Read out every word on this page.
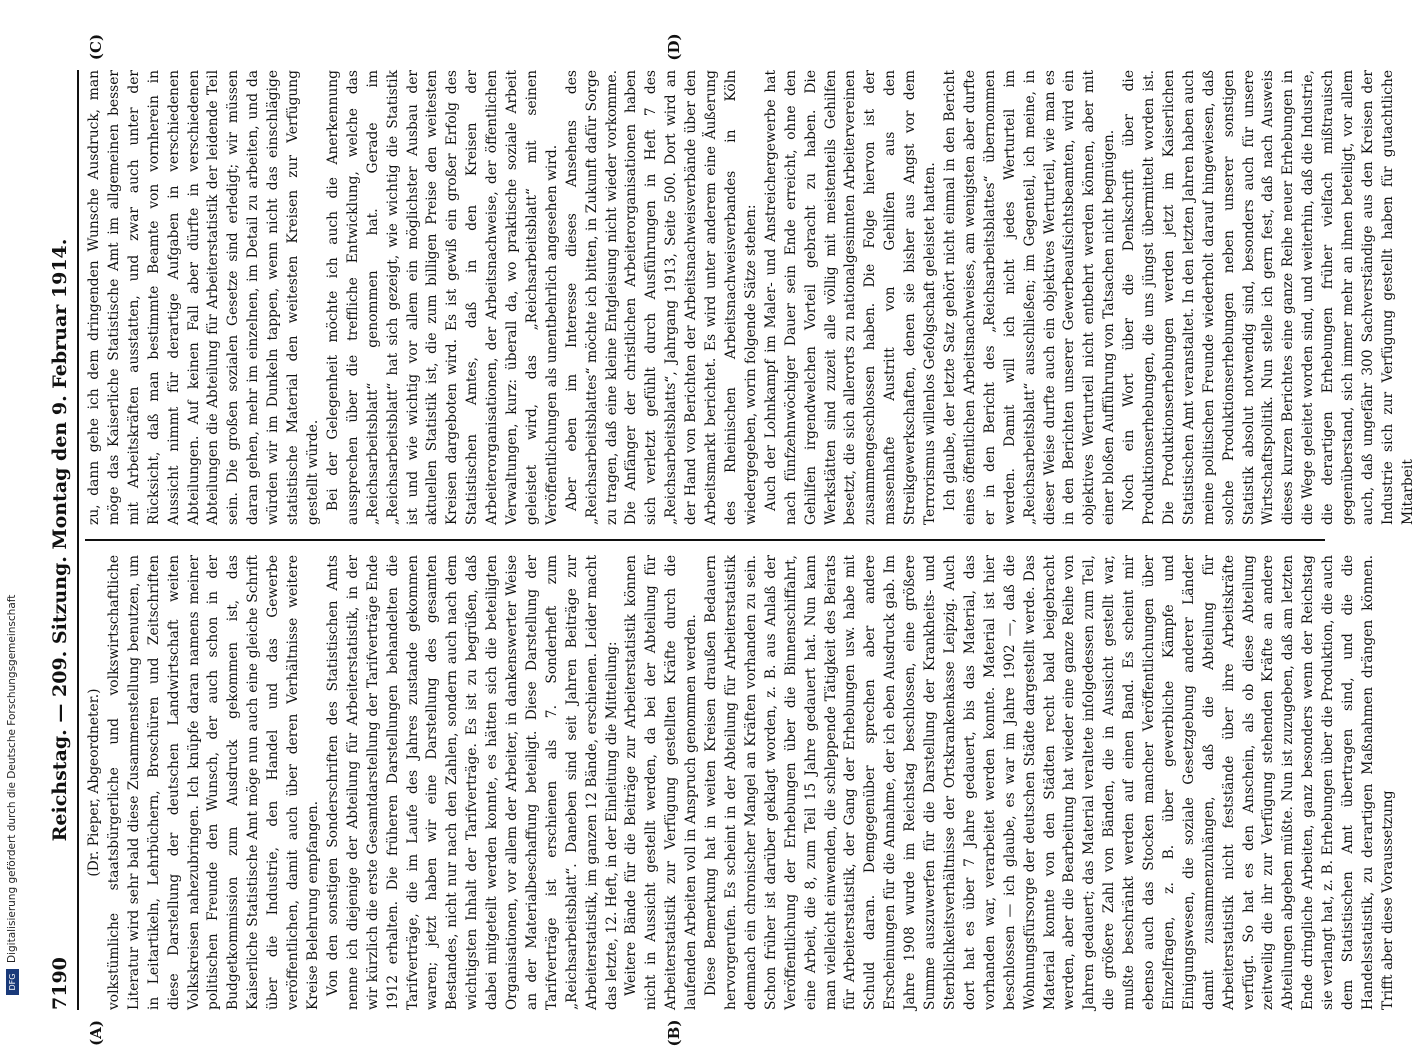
7190
Reichstag. — 209. Sitzung. Montag den 9. Februar 1914.
(A)	(B)
(C)	(D)

(Dr. Pieper, Abgeordneter.) volkstümliche staatsbürgerliche und volkswirtschaftliche Literatur wird sehr bald diese Zusammenstellung benutzen, um in Leitartikeln, Lehrbüchern, Broschüren und Zeitschriften diese Darstellung der deutschen Landwirtschaft weiten Volkskreisen nahezubringen. Ich knüpfe daran namens meiner politischen Freunde den Wunsch, der auch schon in der Budgetkommission zum Ausdruck gekommen ist, das Kaiserliche Statistische Amt möge nun auch eine gleiche Schrift über die Industrie, den Handel und das Gewerbe veröffentlichen, damit auch über deren Verhältnisse weitere Kreise Belehrung empfangen. Von den sonstigen Sonderschriften des Statistischen Amts nenne ich diejenige der Abteilung für Arbeiterstatistik, in der wir kürzlich die erste Gesamtdarstellung der Tarifverträge Ende 1912 erhalten. Die früheren Darstellungen behandelten die Tarifverträge, die im Laufe des Jahres zustande gekommen waren; jetzt haben wir eine Darstellung des gesamten Bestandes, nicht nur nach den Zahlen, sondern auch nach dem wichtigsten Inhalt der Tarifverträge. Es ist zu begrüßen, daß dabei mitgeteilt werden konnte, es hätten sich die beteiligten Organisationen, vor allem der Arbeiter, in dankenswerter Weise an der Materialbeschaffung beteiligt. Diese Darstellung der Tarifverträge ist erschienen als 7. Sonderheft zum „Reichsarbeitsblatt“. Daneben sind seit Jahren Beiträge zur Arbeiterstatistik, im ganzen 12 Bände, erschienen. Leider macht das letzte, 12. Heft, in der Einleitung die Mitteilung: Weitere Bände für die Beiträge zur Arbeiterstatistik können nicht in Aussicht gestellt werden, da bei der Abteilung für Arbeiterstatistik zur Verfügung gestellten Kräfte durch die laufenden Arbeiten voll in Anspruch genommen werden. Diese Bemerkung hat in weiten Kreisen draußen Bedauern hervorgerufen. Es scheint in der Abteilung für Arbeiterstatistik demnach ein chronischer Mangel an Kräften vorhanden zu sein. Schon früher ist darüber geklagt worden, z. B. aus Anlaß der Veröffentlichung der Erhebungen über die Binnenschiffahrt, eine Arbeit, die 8, zum Teil 15 Jahre gedauert hat. Nun kann man vielleicht einwenden, die schleppende Tätigkeit des Beirats für Arbeiterstatistik, der Gang der Erhebungen usw. habe mit Schuld daran. Demgegenüber sprechen aber andere Erscheinungen für die Annahme, der ich eben Ausdruck gab. Im Jahre 1908 wurde im Reichstag beschlossen, eine größere Summe auszuwerfen für die Darstellung der Krankheits- und Sterblichkeitsverhältnisse der Ortskrankenkasse Leipzig. Auch dort hat es über 7 Jahre gedauert, bis das Material, das vorhanden war, verarbeitet werden konnte. Material ist hier beschlossen — ich glaube, es war im Jahre 1902 —, daß die Wohnungsfürsorge der deutschen Städte dargestellt werde. Das Material konnte von den Städten recht bald beigebracht werden, aber die Bearbeitung hat wieder eine ganze Reihe von Jahren gedauert; das Material veraltete infolgedessen zum Teil, die größere Zahl von Bänden, die in Aussicht gestellt war, mußte beschränkt werden auf einen Band. Es scheint mir ebenso auch das Stocken mancher Veröffentlichungen über Einzelfragen, z. B. über gewerbliche Kämpfe und Einigungswesen, die soziale Gesetzgebung anderer Länder damit zusammenzuhängen, daß die Abteilung für Arbeiterstatistik nicht feststände über ihre Arbeitskräfte verfügt. So hat es den Anschein, als ob diese Abteilung zeitweilig die ihr zur Verfügung stehenden Kräfte an andere Abteilungen abgeben müßte. Nun ist zuzugeben, daß am letzten Ende dringliche Arbeiten, ganz besonders wenn der Reichstag sie verlangt hat, z. B. Erhebungen über die Produktion, die auch dem Statistischen Amt übertragen sind, und die die Handelsstatistik, zu derartigen Maßnahmen drängen können. Trifft aber diese Voraussetzung

zu, dann gehe ich dem dringenden Wunsche Ausdruck, man möge das Kaiserliche Statistische Amt im allgemeinen besser mit Arbeitskräften ausstatten, und zwar auch unter der Rücksicht, daß man bestimmte Beamte von vornherein in Aussicht nimmt für derartige Aufgaben in verschiedenen Abteilungen. Auf keinen Fall aber dürfte in verschiedenen Abteilungen die Abteilung für Arbeiterstatistik der leidende Teil sein. Die großen sozialen Gesetze sind erledigt; wir müssen daran gehen, mehr im einzelnen, im Detail zu arbeiten, und da würden wir im Dunkeln tappen, wenn nicht das einschlägige statistische Material den weitesten Kreisen zur Verfügung gestellt würde. Bei der Gelegenheit möchte ich auch die Anerkennung aussprechen über die treffliche Entwicklung, welche das „Reichsarbeitsblatt“ genommen hat. Gerade im „Reichsarbeitsblatt“ hat sich gezeigt, wie wichtig die Statistik ist und wie wichtig vor allem ein möglichster Ausbau der aktuellen Statistik ist, die zum billigen Preise den weitesten Kreisen dargeboten wird. Es ist gewiß ein großer Erfolg des Statistischen Amtes, daß in den Kreisen der Arbeiterorganisationen, der Arbeitsnachweise, der öffentlichen Verwaltungen, kurz: überall da, wo praktische soziale Arbeit geleistet wird, das „Reichsarbeitsblatt“ mit seinen Veröffentlichungen als unentbehrlich angesehen wird. Aber eben im Interesse dieses Ansehens des „Reichsarbeitsblattes“ möchte ich bitten, in Zukunft dafür Sorge zu tragen, daß eine kleine Entgleisung nicht wieder vorkomme. Die Anfänger der christlichen Arbeiterorganisationen haben sich verletzt gefühlt durch Ausführungen in Heft 7 des „Reichsarbeitsblatts“, Jahrgang 1913, Seite 500. Dort wird an der Hand von Berichten der Arbeitsnachweisverbände über den Arbeitsmarkt berichtet. Es wird unter anderem eine Äußerung des Rheinischen Arbeitsnachweisverbandes in Köln wiedergegeben, worin folgende Sätze stehen: Auch der Lohnkampf im Maler- und Anstreichergewerbe hat nach fünfzehnwöchiger Dauer sein Ende erreicht, ohne den Gehilfen irgendwelchen Vorteil gebracht zu haben. Die Werkstätten sind zuzeit alle völlig mit meistenteils Gehilfen besetzt, die sich allerorts zu nationalgesinnten Arbeitervereinen zusammengeschlossen haben. Die Folge hiervon ist der massenhafte Austritt von Gehilfen aus den Streikgewerkschaften, denen sie bisher aus Angst vor dem Terrorismus willenlos Gefolgschaft geleistet hatten. Ich glaube, der letzte Satz gehört nicht einmal in den Bericht eines öffentlichen Arbeitsnachweises, am wenigsten aber durfte er in den Bericht des „Reichsarbeitsblattes“ übernommen werden. Damit will ich nicht jedes Werturteil im „Reichsarbeitsblatt“ ausschließen; im Gegenteil, ich meine, in dieser Weise durfte auch ein objektives Werturteil, wie man es in den Berichten unserer Gewerbeaufsichtsbeamten, wird ein objektives Werturteil nicht entbehrt werden können, aber mit einer bloßen Aufführung von Tatsachen nicht begnügen. Noch ein Wort über die Denkschrift über die Produktionserhebungen, die uns jüngst übermittelt worden ist. Die Produktionserhebungen werden jetzt im Kaiserlichen Statistischen Amt veranstaltet. In den letzten Jahren haben auch meine politischen Freunde wiederholt darauf hingewiesen, daß solche Produktionserhebungen neben unserer sonstigen Statistik absolut notwendig sind, besonders auch für unsere Wirtschaftspolitik. Nun stelle ich gern fest, daß nach Ausweis dieses kurzen Berichtes eine ganze Reihe neuer Erhebungen in die Wege geleitet worden sind, und weiterhin, daß die Industrie, die derartigen Erhebungen früher vielfach mißtrauisch gegenüberstand, sich immer mehr an ihnen beteiligt, vor allem auch, daß ungefähr 300 Sachverständige aus den Kreisen der Industrie sich zur Verfügung gestellt haben für gutachtliche Mitarbeit

DFGDigitalisierung gefördert durch die Deutsche Forschungsgemeinschaft
